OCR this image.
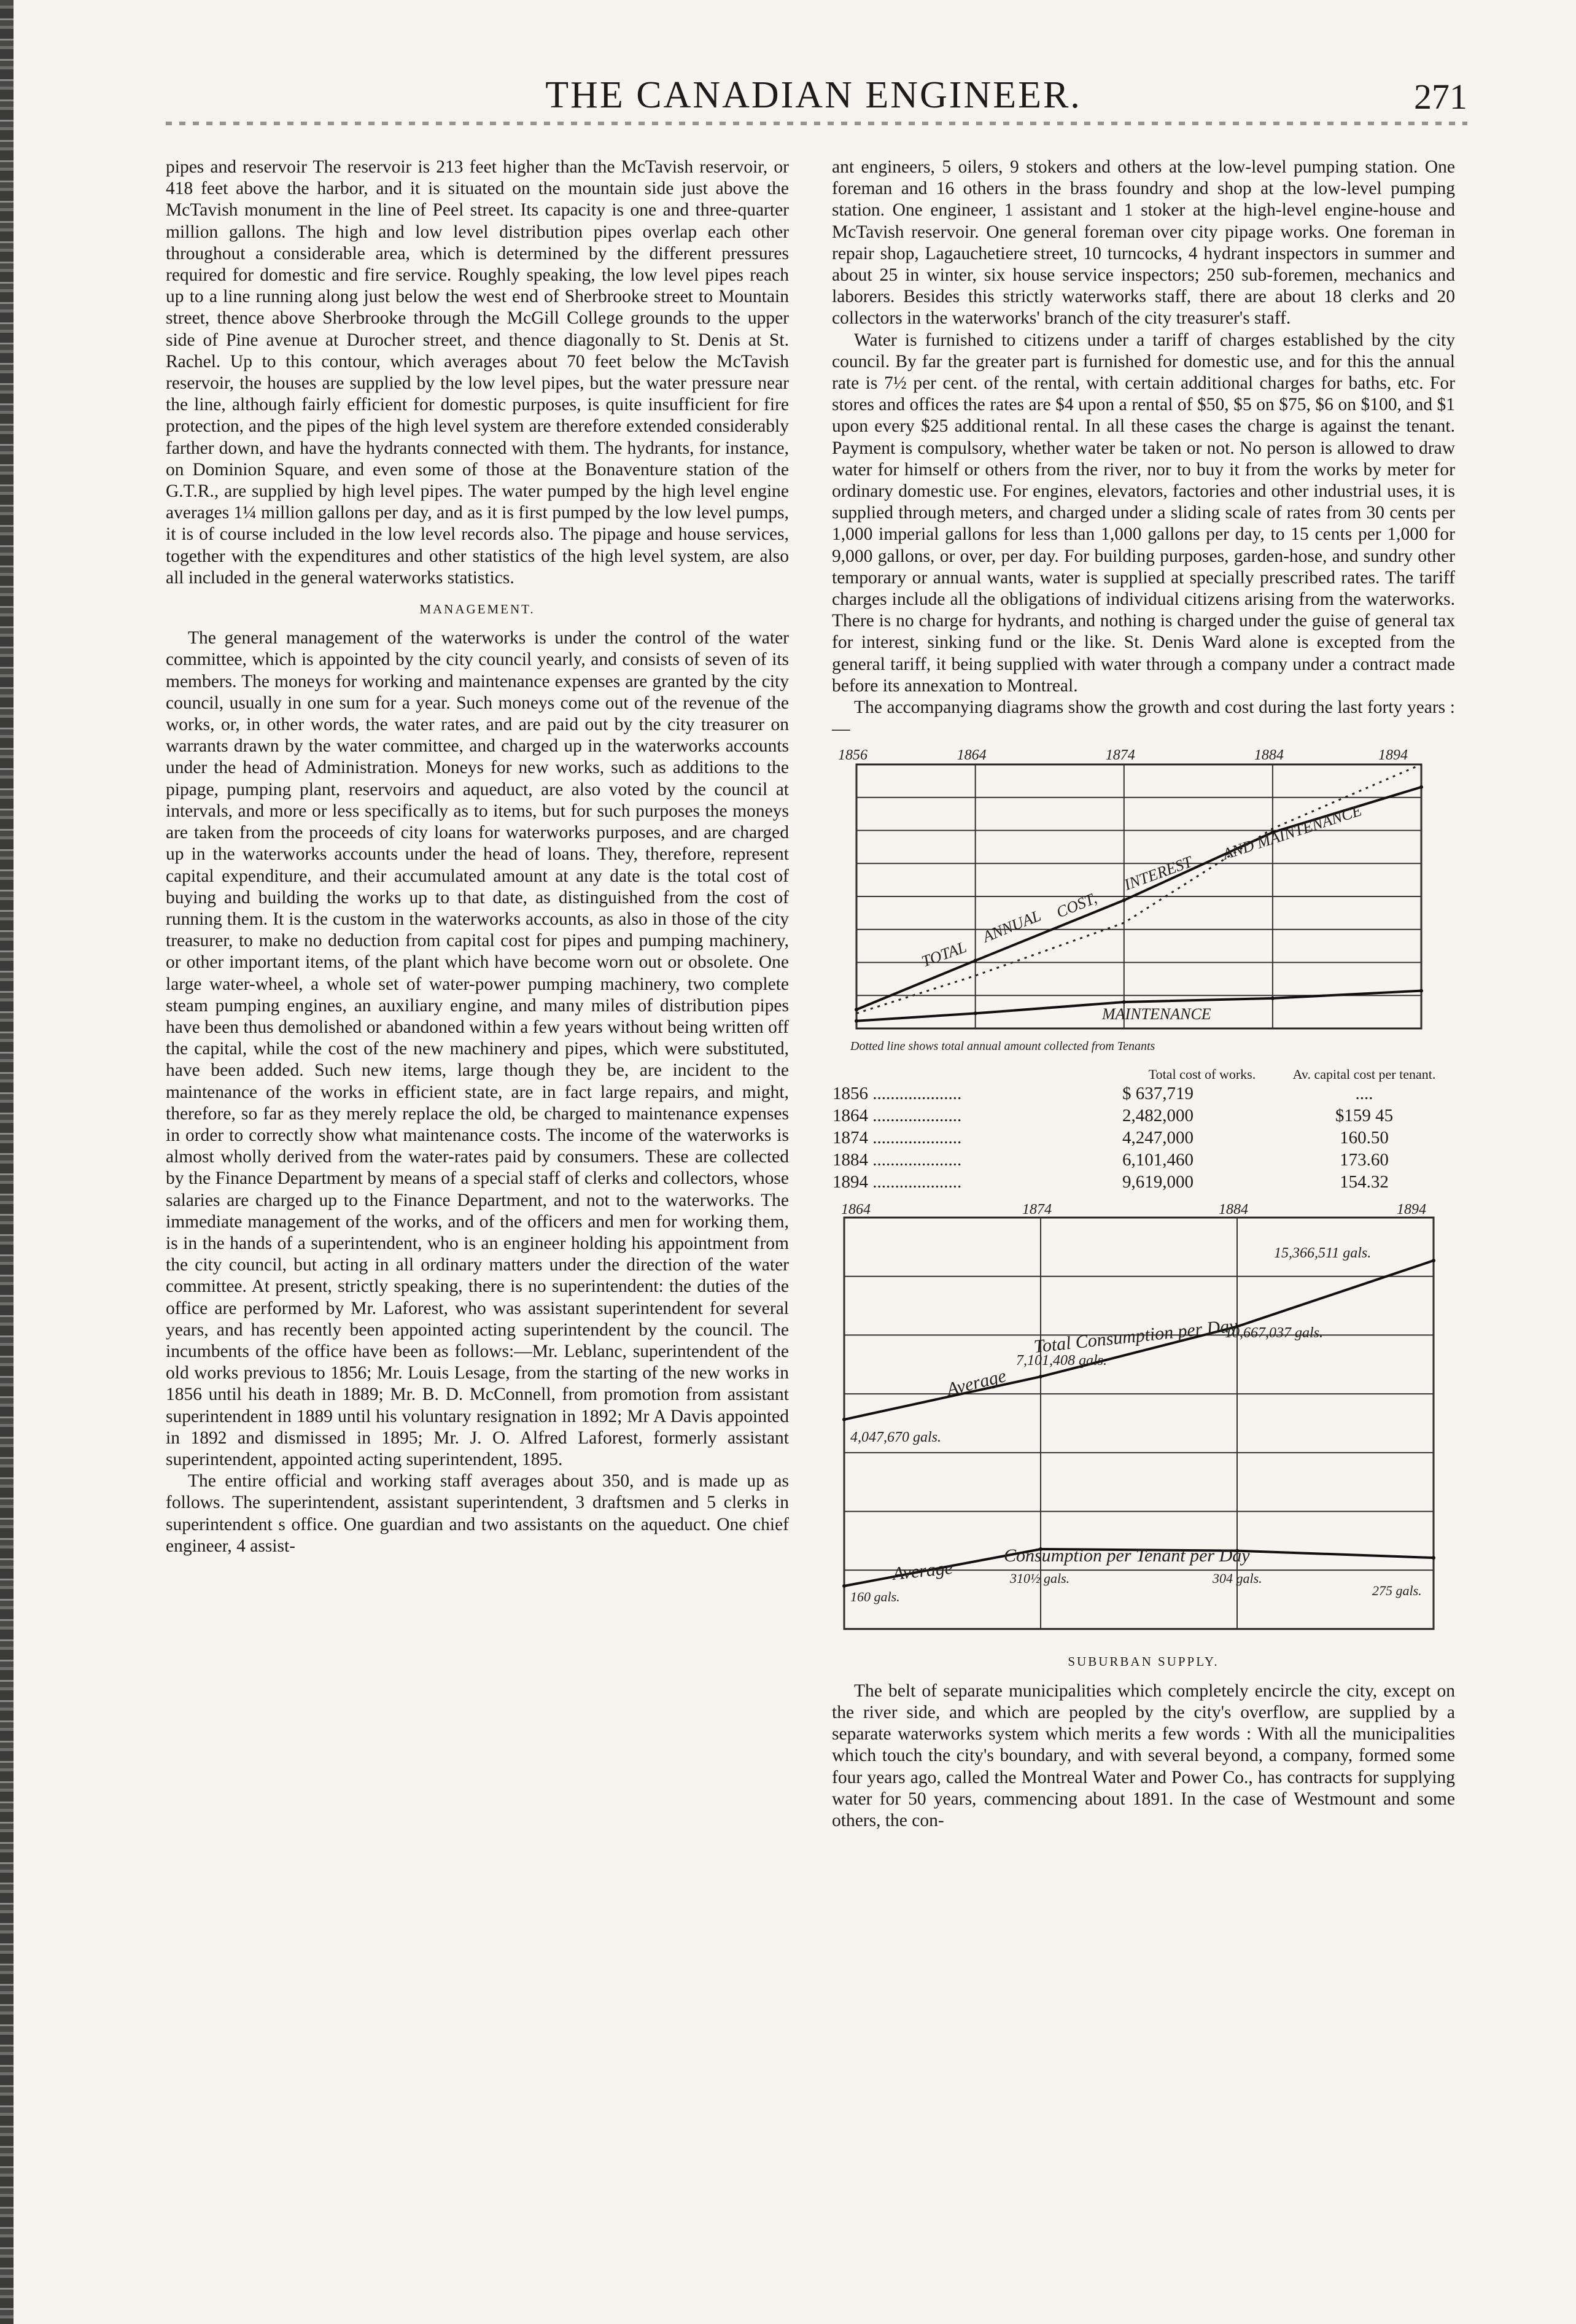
THE CANADIAN ENGINEER.	271

pipes and reservoir The reservoir is 213 feet higher than the McTavish reservoir, or 418 feet above the harbor, and it is situated on the mountain side just above the McTavish monument in the line of Peel street. Its capacity is one and three-quarter million gallons. The high and low level distribution pipes overlap each other throughout a considerable area, which is determined by the different pressures required for domestic and fire service. Roughly speaking, the low level pipes reach up to a line running along just below the west end of Sherbrooke street to Mountain street, thence above Sherbrooke through the McGill College grounds to the upper side of Pine avenue at Durocher street, and thence diagonally to St. Denis at St. Rachel. Up to this contour, which averages about 70 feet below the McTavish reservoir, the houses are supplied by the low level pipes, but the water pressure near the line, although fairly efficient for domestic purposes, is quite insufficient for fire protection, and the pipes of the high level system are therefore extended considerably farther down, and have the hydrants connected with them. The hydrants, for instance, on Dominion Square, and even some of those at the Bonaventure station of the G.T.R., are supplied by high level pipes. The water pumped by the high level engine averages 1¼ million gallons per day, and as it is first pumped by the low level pumps, it is of course included in the low level records also. The pipage and house services, together with the expenditures and other statistics of the high level system, are also all included in the general waterworks statistics.

MANAGEMENT.

The general management of the waterworks is under the control of the water committee, which is appointed by the city council yearly, and consists of seven of its members. The moneys for working and maintenance expenses are granted by the city council, usually in one sum for a year. Such moneys come out of the revenue of the works, or, in other words, the water rates, and are paid out by the city treasurer on warrants drawn by the water committee, and charged up in the waterworks accounts under the head of Administration. Moneys for new works, such as additions to the pipage, pumping plant, reservoirs and aqueduct, are also voted by the council at intervals, and more or less specifically as to items, but for such purposes the moneys are taken from the proceeds of city loans for waterworks purposes, and are charged up in the waterworks accounts under the head of loans. They, therefore, represent capital expenditure, and their accumulated amount at any date is the total cost of buying and building the works up to that date, as distinguished from the cost of running them. It is the custom in the waterworks accounts, as also in those of the city treasurer, to make no deduction from capital cost for pipes and pumping machinery, or other important items, of the plant which have become worn out or obsolete. One large water-wheel, a whole set of water-power pumping machinery, two complete steam pumping engines, an auxiliary engine, and many miles of distribution pipes have been thus demolished or abandoned within a few years without being written off the capital, while the cost of the new machinery and pipes, which were substituted, have been added. Such new items, large though they be, are incident to the maintenance of the works in efficient state, are in fact large repairs, and might, therefore, so far as they merely replace the old, be charged to maintenance expenses in order to correctly show what maintenance costs. The income of the waterworks is almost wholly derived from the water-rates paid by consumers. These are collected by the Finance Department by means of a special staff of clerks and collectors, whose salaries are charged up to the Finance Department, and not to the waterworks. The immediate management of the works, and of the officers and men for working them, is in the hands of a superintendent, who is an engineer holding his appointment from the city council, but acting in all ordinary matters under the direction of the water committee. At present, strictly speaking, there is no superintendent: the duties of the office are performed by Mr. Laforest, who was assistant superintendent for several years, and has recently been appointed acting superintendent by the council. The incumbents of the office have been as follows:—Mr. Leblanc, superintendent of the old works previous to 1856; Mr. Louis Lesage, from the starting of the new works in 1856 until his death in 1889; Mr. B. D. McConnell, from promotion from assistant superintendent in 1889 until his voluntary resignation in 1892; Mr A Davis appointed in 1892 and dismissed in 1895; Mr. J. O. Alfred Laforest, formerly assistant superintendent, appointed acting superintendent, 1895.

The entire official and working staff averages about 350, and is made up as follows. The superintendent, assistant superintendent, 3 draftsmen and 5 clerks in superintendent s office. One guardian and two assistants on the aqueduct. One chief engineer, 4 assist-

ant engineers, 5 oilers, 9 stokers and others at the low-level pumping station. One foreman and 16 others in the brass foundry and shop at the low-level pumping station. One engineer, 1 assistant and 1 stoker at the high-level engine-house and McTavish reservoir. One general foreman over city pipage works. One foreman in repair shop, Lagauchetiere street, 10 turncocks, 4 hydrant inspectors in summer and about 25 in winter, six house service inspectors; 250 sub-foremen, mechanics and laborers. Besides this strictly waterworks staff, there are about 18 clerks and 20 collectors in the waterworks' branch of the city treasurer's staff.

Water is furnished to citizens under a tariff of charges established by the city council. By far the greater part is furnished for domestic use, and for this the annual rate is 7½ per cent. of the rental, with certain additional charges for baths, etc. For stores and offices the rates are $4 upon a rental of $50, $5 on $75, $6 on $100, and $1 upon every $25 additional rental. In all these cases the charge is against the tenant. Payment is compulsory, whether water be taken or not. No person is allowed to draw water for himself or others from the river, nor to buy it from the works by meter for ordinary domestic use. For engines, elevators, factories and other industrial uses, it is supplied through meters, and charged under a sliding scale of rates from 30 cents per 1,000 imperial gallons for less than 1,000 gallons per day, to 15 cents per 1,000 for 9,000 gallons, or over, per day. For building purposes, garden-hose, and sundry other temporary or annual wants, water is supplied at specially prescribed rates. The tariff charges include all the obligations of individual citizens arising from the waterworks. There is no charge for hydrants, and nothing is charged under the guise of general tax for interest, sinking fund or the like. St. Denis Ward alone is excepted from the general tariff, it being supplied with water through a company under a contract made before its annexation to Montreal.

The accompanying diagrams show the growth and cost during the last forty years :—

1856	1864	1874	1884	1894
TOTAL
ANNUAL
COST,
INTEREST
AND MAINTENANCE
MAINTENANCE
Dotted line shows total annual amount collected from Tenants
	Total cost of works.	Av. capital cost per tenant.
1856 ....................	$ 637,719	....
1864 ....................	2,482,000	$159 45
1874 ....................	4,247,000	160.50
1884 ....................	6,101,460	173.60
1894 ....................	9,619,000	154.32
1864	1874	1884	1894
Average
Total Consumption per Day
4,047,670 gals.
7,101,408 gals.
10,667,037 gals.
15,366,511 gals.
Average
Consumption per Tenant per Day
160 gals.
310½ gals.	304 gals.
275 gals.

SUBURBAN SUPPLY.

The belt of separate municipalities which completely encircle the city, except on the river side, and which are peopled by the city's overflow, are supplied by a separate waterworks system which merits a few words : With all the municipalities which touch the city's boundary, and with several beyond, a company, formed some four years ago, called the Montreal Water and Power Co., has contracts for supplying water for 50 years, commencing about 1891. In the case of Westmount and some others, the con-
